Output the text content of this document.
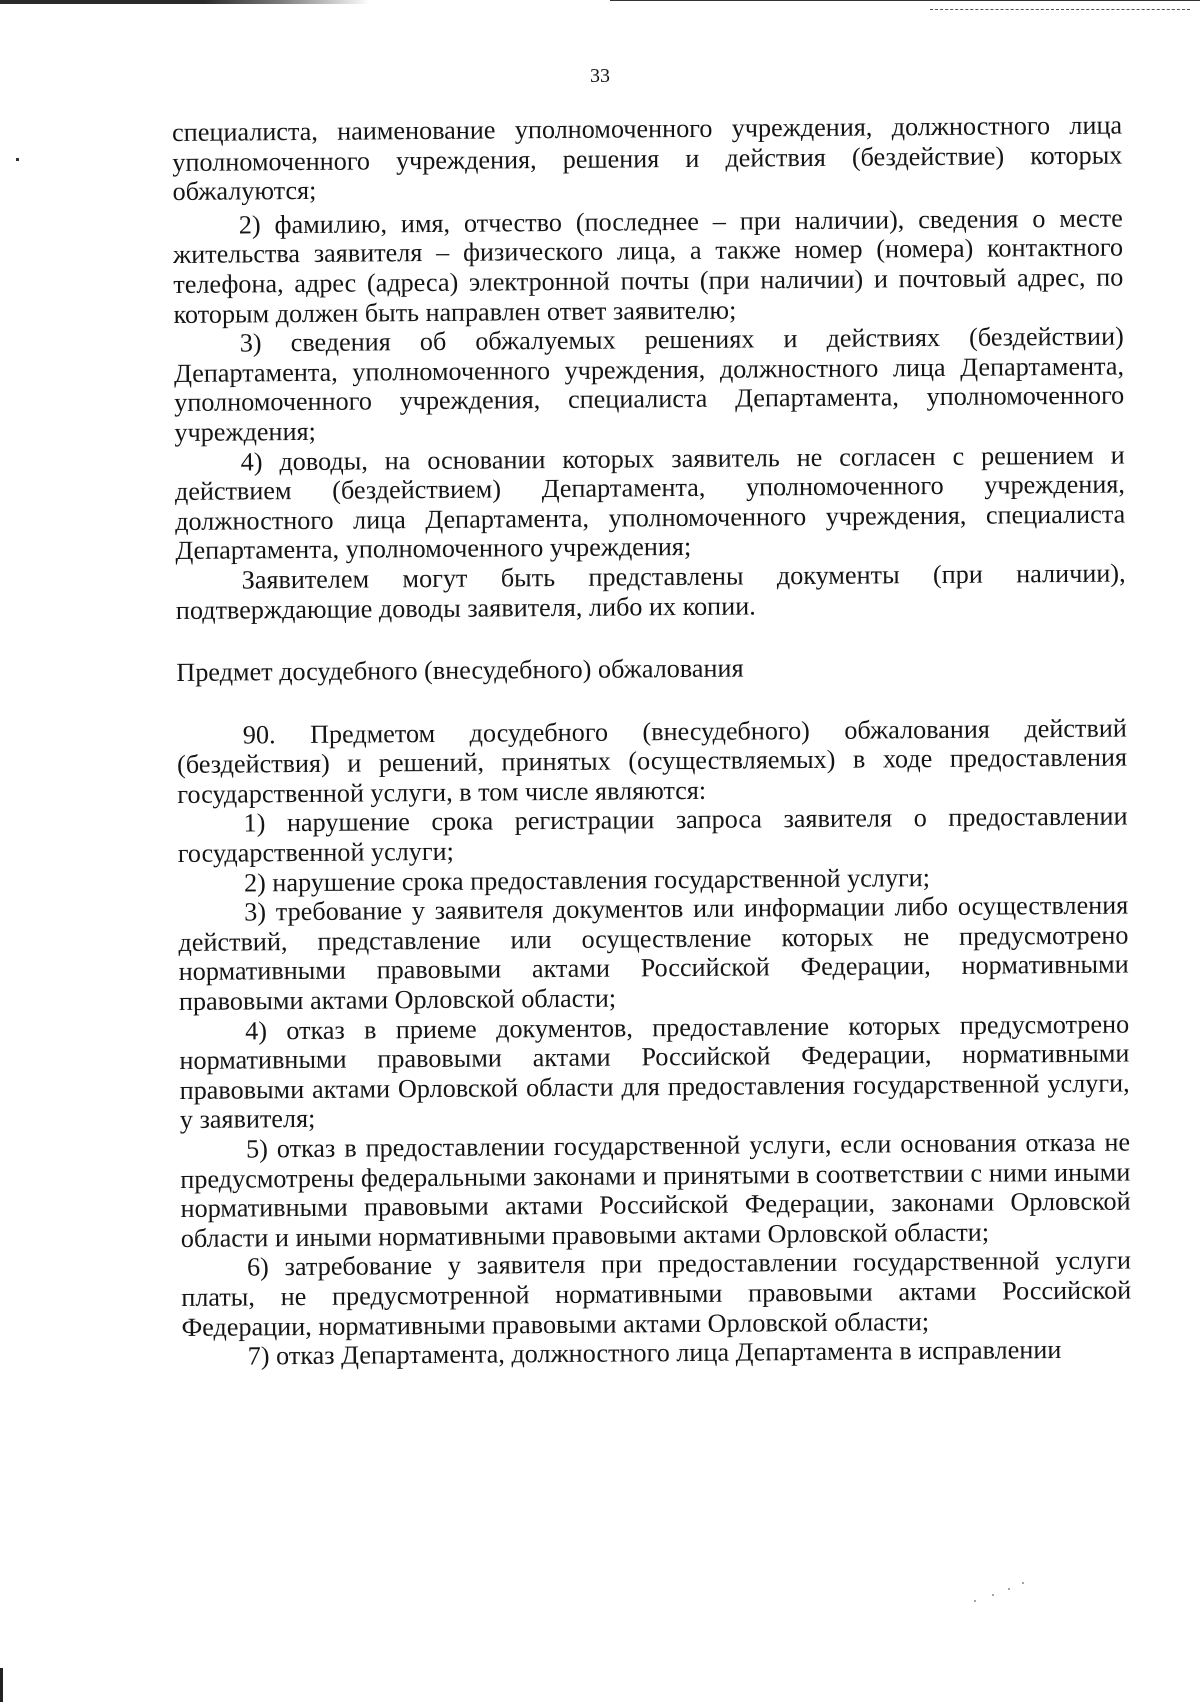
33

специалиста, наименование уполномоченного учреждения, должностного лица уполномоченного учреждения, решения и действия (бездействие) которых обжалуются;

2) фамилию, имя, отчество (последнее – при наличии), сведения о месте жительства заявителя – физического лица, а также номер (номера) контактного телефона, адрес (адреса) электронной почты (при наличии) и почтовый адрес, по которым должен быть направлен ответ заявителю;

3) сведения об обжалуемых решениях и действиях (бездействии) Департамента, уполномоченного учреждения, должностного лица Департамента, уполномоченного учреждения, специалиста Департамента, уполномоченного учреждения;

4) доводы, на основании которых заявитель не согласен с решением и действием (бездействием) Департамента, уполномоченного учреждения, должностного лица Департамента, уполномоченного учреждения, специалиста Департамента, уполномоченного учреждения;

Заявителем могут быть представлены документы (при наличии), подтверждающие доводы заявителя, либо их копии.

Предмет досудебного (внесудебного) обжалования

90. Предметом досудебного (внесудебного) обжалования действий (бездействия) и решений, принятых (осуществляемых) в ходе предоставления государственной услуги, в том числе являются:

1) нарушение срока регистрации запроса заявителя о предоставлении государственной услуги;

2) нарушение срока предоставления государственной услуги;

3) требование у заявителя документов или информации либо осуществления действий, представление или осуществление которых не предусмотрено нормативными правовыми актами Российской Федерации, нормативными правовыми актами Орловской области;

4) отказ в приеме документов, предоставление которых предусмотрено нормативными правовыми актами Российской Федерации, нормативными правовыми актами Орловской области для предоставления государственной услуги, у заявителя;

5) отказ в предоставлении государственной услуги, если основания отказа не предусмотрены федеральными законами и принятыми в соответствии с ними иными нормативными правовыми актами Российской Федерации, законами Орловской области и иными нормативными правовыми актами Орловской области;

6) затребование у заявителя при предоставлении государственной услуги платы, не предусмотренной нормативными правовыми актами Российской Федерации, нормативными правовыми актами Орловской области;

7) отказ Департамента, должностного лица Департамента в исправлении
